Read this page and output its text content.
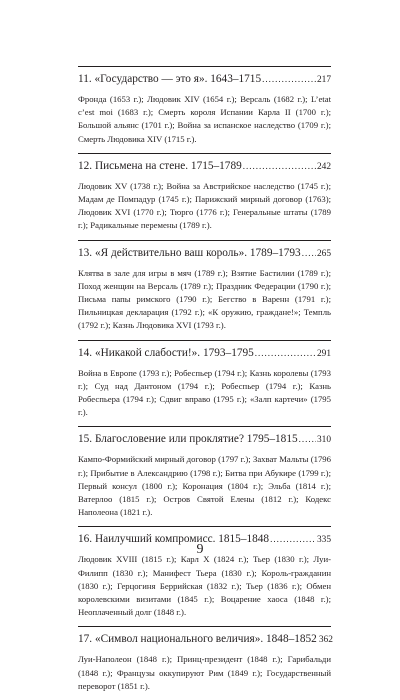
11. «Государство — это я». 1643–1715 .....	217
Фронда (1653 г.); Людовик XIV (1654 г.); Версаль (1682 г.); L’etat c’est moi (1683 г.); Смерть короля Испании Карла II (1700 г.); Большой альянс (1701 г.); Война за испанское наследство (1709 г.); Смерть Людовика XIV (1715 г.).
12. Письмена на стене. 1715–1789 .....	242
Людовик XV (1738 г.); Война за Австрийское наследство (1745 г.); Мадам де Помпадур (1745 г.); Парижский мирный договор (1763); Людовик XVI (1770 г.); Тюрго (1776 г.); Генеральные штаты (1789 г.); Радикальные перемены (1789 г.).
13. «Я действительно ваш король». 1789–1793 ..... 265
Клятва в зале для игры в мяч (1789 г.); Взятие Бастилии (1789 г.); Поход женщин на Версаль (1789 г.); Праздник Федерации (1790 г.); Письма папы римского (1790 г.); Бегство в Варенн (1791 г.); Пильницкая декларация (1792 г.); «К оружию, граждане!»; Темпль (1792 г.); Казнь Людовика XVI (1793 г.).
14. «Никакой слабости!». 1793–1795 .....	291
Война в Европе (1793 г.); Робеспьер (1794 г.); Казнь королевы (1793 г.); Суд над Дантоном (1794 г.); Робеспьер (1794 г.); Казнь Робеспьера (1794 г.); Сдвиг вправо (1795 г.); «Залп картечи» (1795 г.).
15. Благословение или проклятие? 1795–1815 ..... 310
Кампо-Формийский мирный договор (1797 г.); Захват Мальты (1796 г.); Прибытие в Александрию (1798 г.); Битва при Абукире (1799 г.); Первый консул (1800 г.); Коронация (1804 г.); Эльба (1814 г.); Ватерлоо (1815 г.); Остров Святой Елены (1812 г.); Кодекс Наполеона (1821 г.).
16. Наилучший компромисс. 1815–1848 .....	335
Людовик XVIII (1815 г.); Карл X (1824 г.); Тьер (1830 г.); Луи-Филипп (1830 г.); Манифест Тьера (1830 г.); Король-гражданин (1830 г.); Герцогиня Беррийская (1832 г.); Тьер (1836 г.); Обмен королевскими визитами (1845 г.); Воцарение хаоса (1848 г.); Неоплаченный долг (1848 г.).
17. «Символ национального величия». 1848–1852 362
Луи-Наполеон (1848 г.); Принц-президент (1848 г.); Гарибальди (1848 г.); Французы оккупируют Рим (1849 г.); Государственный переворот (1851 г.).
9
